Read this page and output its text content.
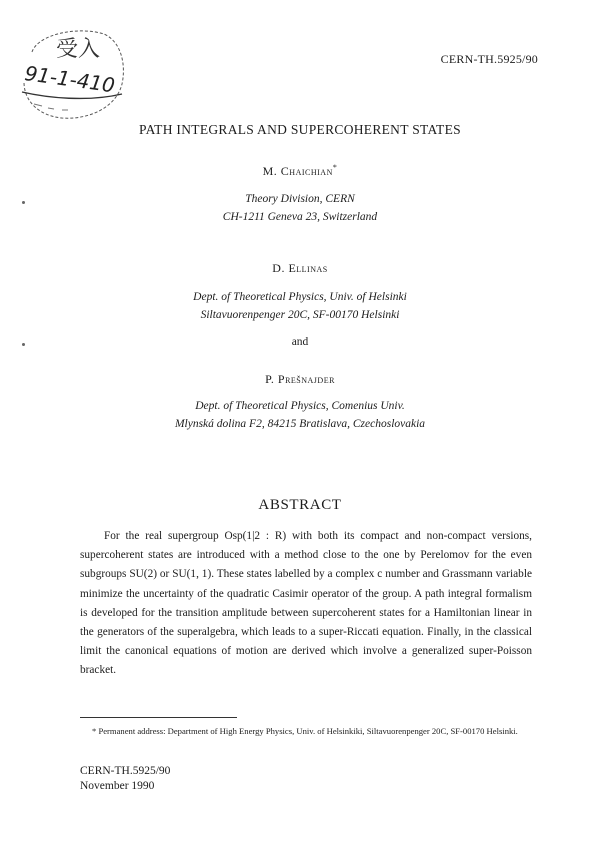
受入
91-1-410
CERN-TH.5925/90
PATH INTEGRALS AND SUPERCOHERENT STATES
M. Chaichian*
Theory Division, CERN
CH-1211 Geneva 23, Switzerland
D. Ellinas
Dept. of Theoretical Physics, Univ. of Helsinki
Siltavuorenpenger 20C, SF-00170 Helsinki
and
P. Prešnajder
Dept. of Theoretical Physics, Comenius Univ.
Mlynská dolina F2, 84215 Bratislava, Czechoslovakia
ABSTRACT

For the real supergroup Osp(1|2 : R) with both its compact and non-compact versions, supercoherent states are introduced with a method close to the one by Perelomov for the even subgroups SU(2) or SU(1, 1). These states labelled by a complex c number and Grassmann variable minimize the uncertainty of the quadratic Casimir operator of the group. A path integral formalism is developed for the transition amplitude between supercoherent states for a Hamiltonian linear in the generators of the superalgebra, which leads to a super-Riccati equation. Finally, in the classical limit the canonical equations of motion are derived which involve a generalized super-Poisson bracket.

* Permanent address: Department of High Energy Physics, Univ. of Helsinkiki, Siltavuorenpenger 20C, SF-00170 Helsinki.
CERN-TH.5925/90
November 1990
